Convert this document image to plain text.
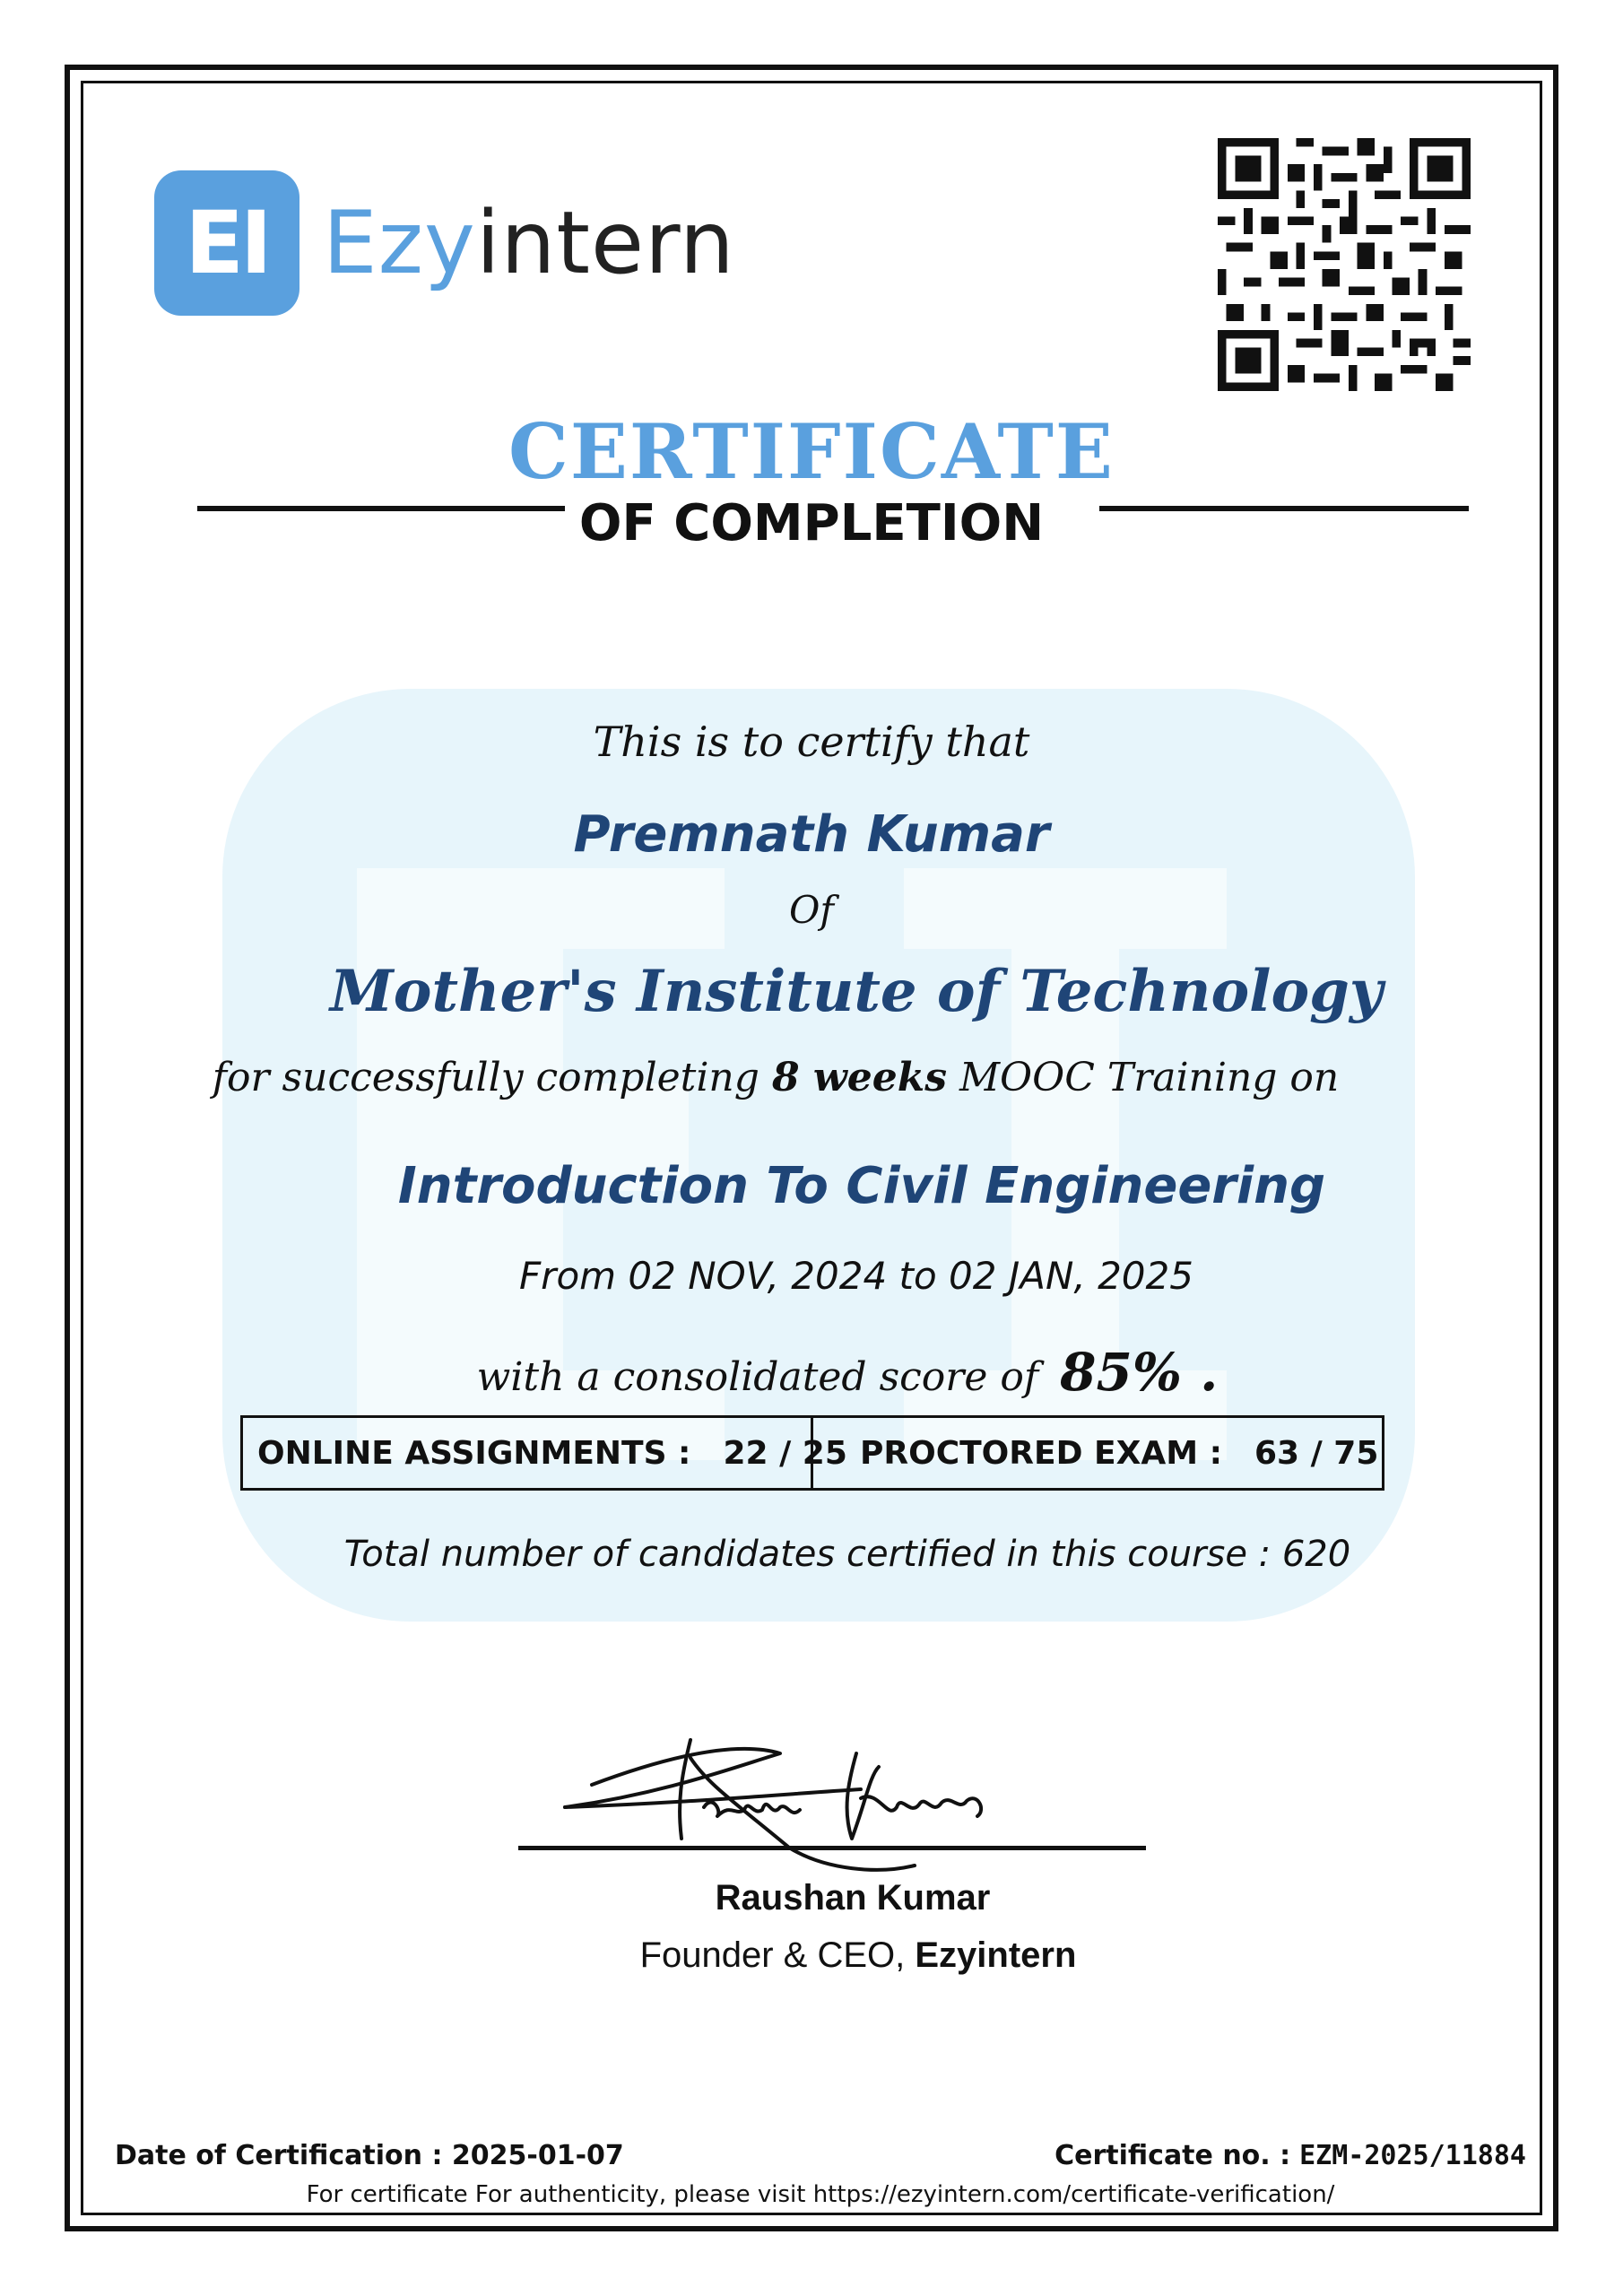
EI Ezyintern
CERTIFICATE
OF COMPLETION
This is to certify that
Premnath Kumar
Of
Mother's Institute of Technology
for successfully completing 8 weeks MOOC Training on
Introduction To Civil Engineering
From 02 NOV, 2024 to 02 JAN, 2025
with a consolidated score of 85% .
ONLINE ASSIGNMENTS : 22 / 25 PROCTORED EXAM : 63 / 75
Total number of candidates certified in this course : 620
Raushan Kumar
Founder & CEO, Ezyintern
Date of Certification : 2025-01-07	Certificate no. : EZM-2025/11884
For certificate For authenticity, please visit https://ezyintern.com/certificate-verification/
